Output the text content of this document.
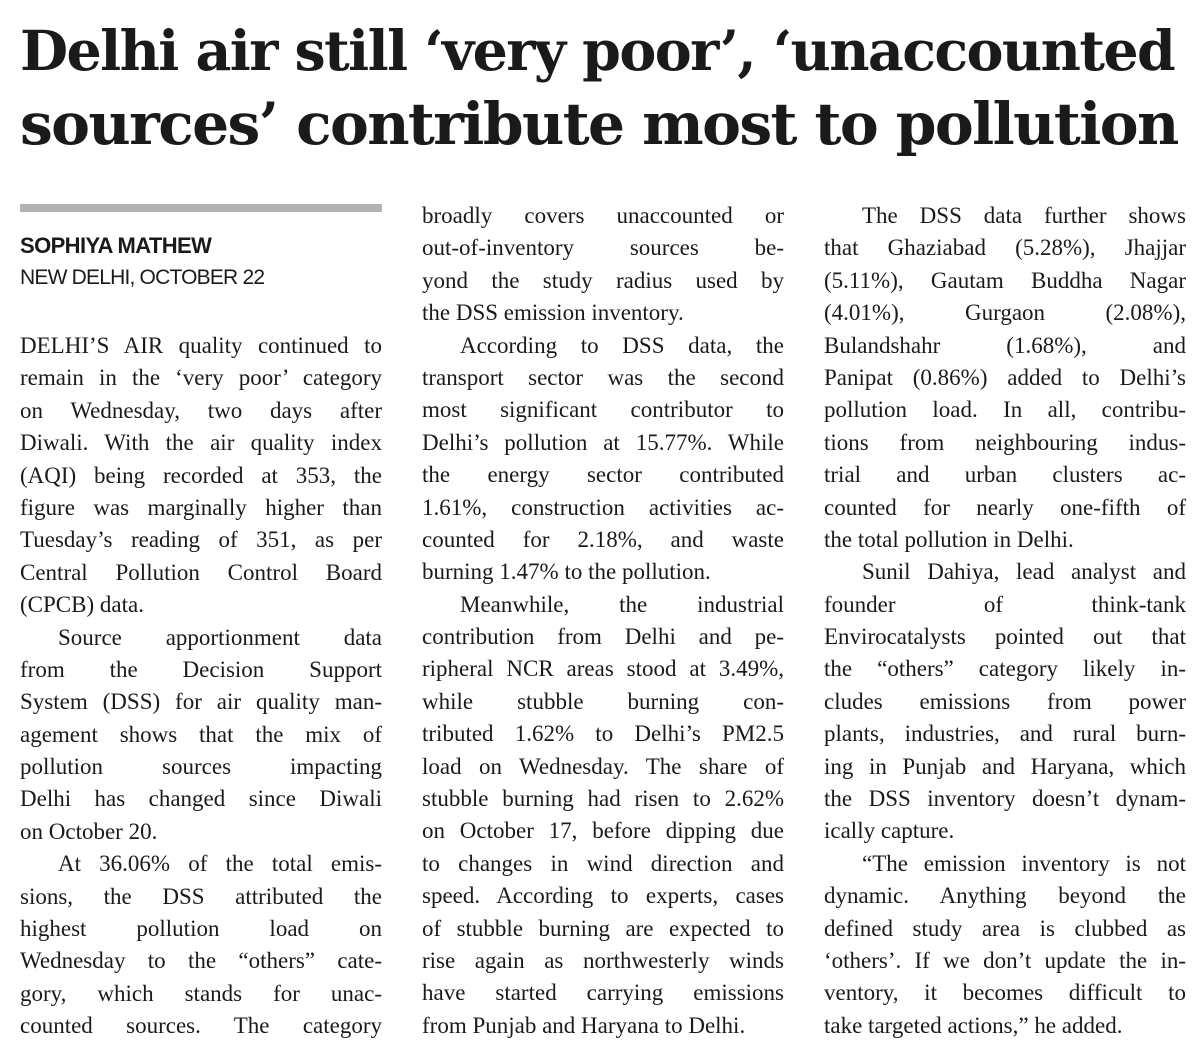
Delhi air still ‘very poor’, ‘unaccounted
sources’ contribute most to pollution
SOPHIYA MATHEW
NEW DELHI, OCTOBER 22
DELHI’S AIR quality continued to
remain in the ‘very poor’ category
on Wednesday, two days after
Diwali. With the air quality index
(AQI) being recorded at 353, the
figure was marginally higher than
Tuesday’s reading of 351, as per
Central Pollution Control Board
(CPCB) data.
Source apportionment data
from the Decision Support
System (DSS) for air quality man-
agement shows that the mix of
pollution sources impacting
Delhi has changed since Diwali
on October 20.
At 36.06% of the total emis-
sions, the DSS attributed the
highest pollution load on
Wednesday to the “others” cate-
gory, which stands for unac-
counted sources. The category
broadly covers unaccounted or
out-of-inventory sources be-
yond the study radius used by
the DSS emission inventory.
According to DSS data, the
transport sector was the second
most significant contributor to
Delhi’s pollution at 15.77%. While
the energy sector contributed
1.61%, construction activities ac-
counted for 2.18%, and waste
burning 1.47% to the pollution.
Meanwhile, the industrial
contribution from Delhi and pe-
ripheral NCR areas stood at 3.49%,
while stubble burning con-
tributed 1.62% to Delhi’s PM2.5
load on Wednesday. The share of
stubble burning had risen to 2.62%
on October 17, before dipping due
to changes in wind direction and
speed. According to experts, cases
of stubble burning are expected to
rise again as northwesterly winds
have started carrying emissions
from Punjab and Haryana to Delhi.
The DSS data further shows
that Ghaziabad (5.28%), Jhajjar
(5.11%), Gautam Buddha Nagar
(4.01%), Gurgaon (2.08%),
Bulandshahr (1.68%), and
Panipat (0.86%) added to Delhi’s
pollution load. In all, contribu-
tions from neighbouring indus-
trial and urban clusters ac-
counted for nearly one-fifth of
the total pollution in Delhi.
Sunil Dahiya, lead analyst and
founder of think-tank
Envirocatalysts pointed out that
the “others” category likely in-
cludes emissions from power
plants, industries, and rural burn-
ing in Punjab and Haryana, which
the DSS inventory doesn’t dynam-
ically capture.
“The emission inventory is not
dynamic. Anything beyond the
defined study area is clubbed as
‘others’. If we don’t update the in-
ventory, it becomes difficult to
take targeted actions,” he added.
